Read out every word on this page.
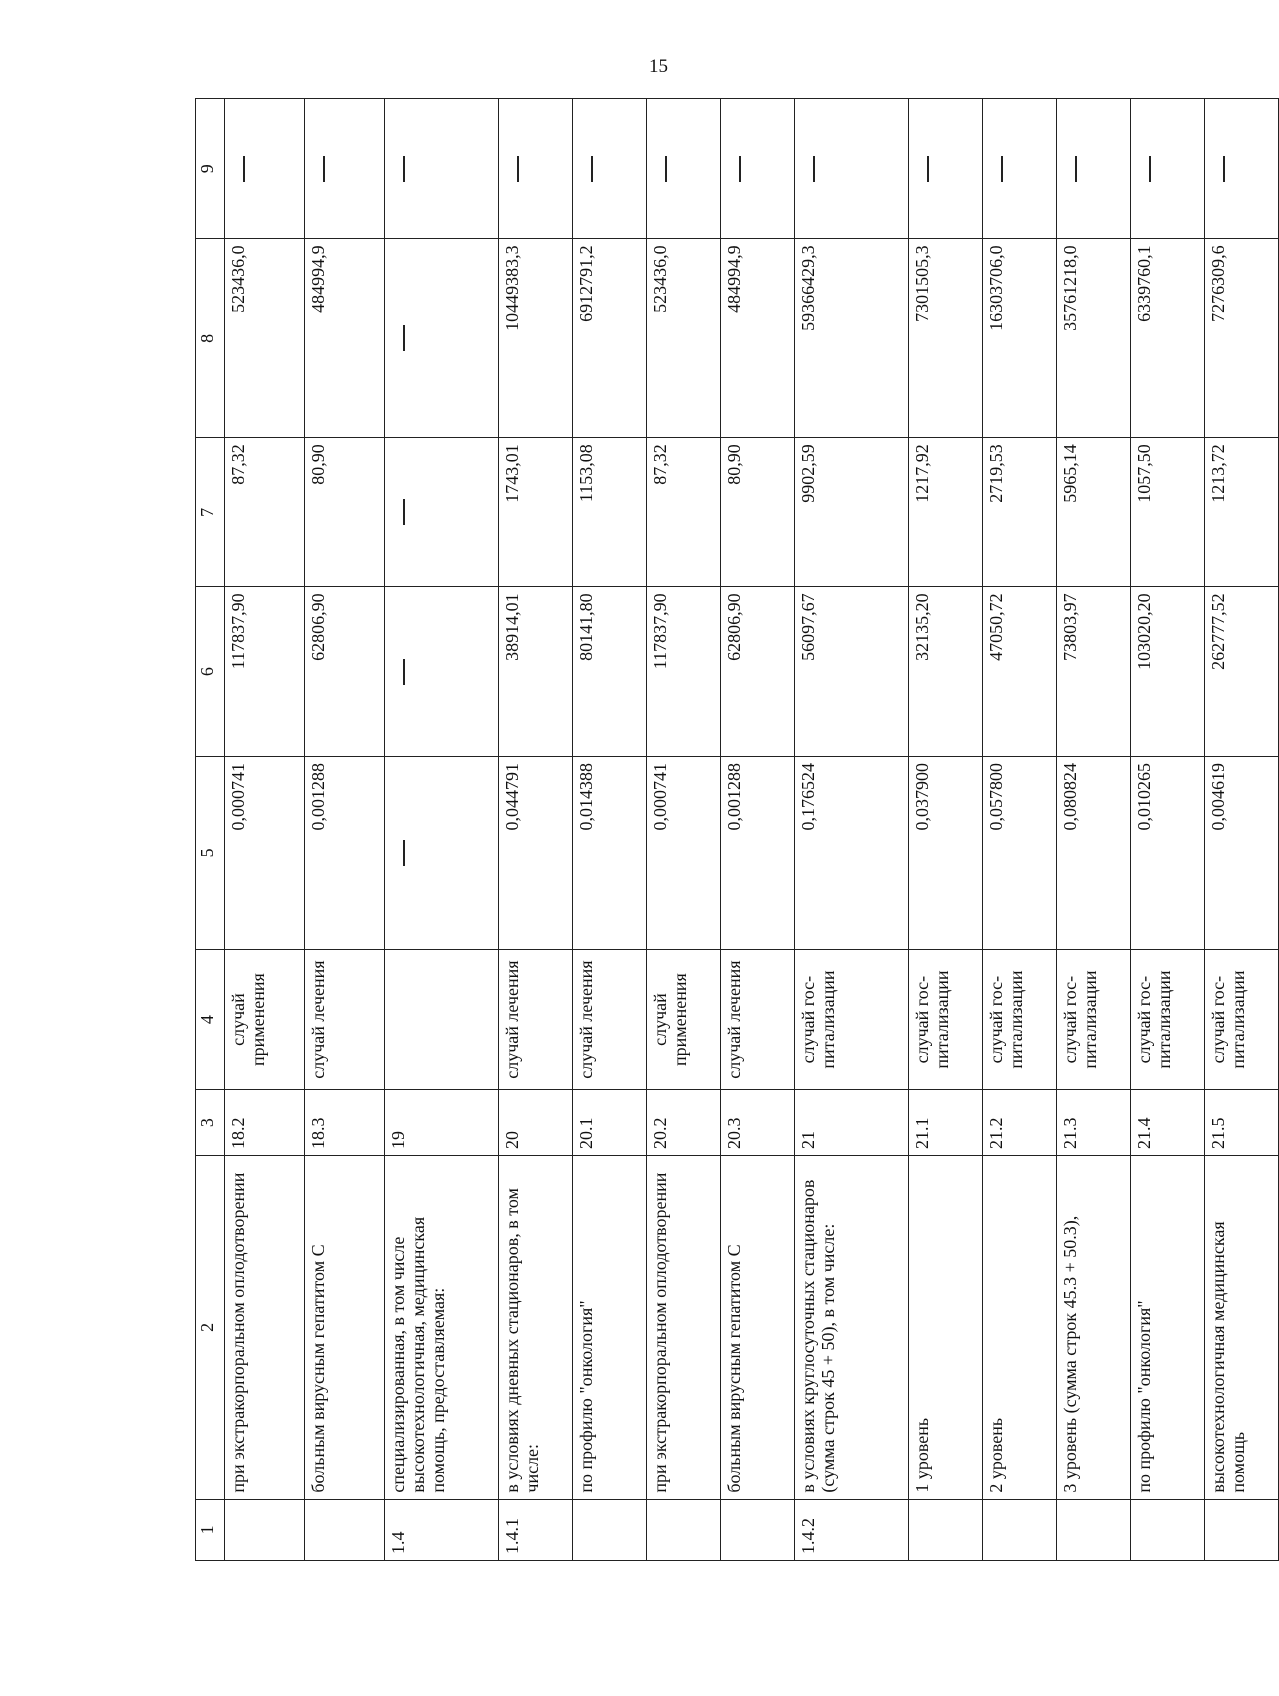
15
1	2	3	4	5	6	7	8	9
	при экстракорпоральном оплодотворении	18.2	случай применения	0,000741	117837,90	87,32	523436,0	
	больным вирусным гепатитом С	18.3	случай лечения	0,001288	62806,90	80,90	484994,9	
1.4	специализированная, в том числе высокотехнологичная, медицинская помощь, предоставляемая:	19						
1.4.1	в условиях дневных стационаров, в том числе:	20	случай лечения	0,044791	38914,01	1743,01	10449383,3	
	по профилю "онкология"	20.1	случай лечения	0,014388	80141,80	1153,08	6912791,2	
	при экстракорпоральном оплодотворении	20.2	случай применения	0,000741	117837,90	87,32	523436,0	
	больным вирусным гепатитом С	20.3	случай лечения	0,001288	62806,90	80,90	484994,9	
1.4.2	в условиях круглосуточных стационаров (сумма строк 45 + 50), в том числе:	21	случай гос-питализации	0,176524	56097,67	9902,59	59366429,3	
	1 уровень	21.1	случай гос-питализации	0,037900	32135,20	1217,92	7301505,3	
	2 уровень	21.2	случай гос-питализации	0,057800	47050,72	2719,53	16303706,0	
	3 уровень (сумма строк 45.3 + 50.3),	21.3	случай гос-питализации	0,080824	73803,97	5965,14	35761218,0	
	по профилю "онкология"	21.4	случай гос-питализации	0,010265	103020,20	1057,50	6339760,1	
	высокотехнологичная медицинская помощь	21.5	случай гос-питализации	0,004619	262777,52	1213,72	7276309,6	
